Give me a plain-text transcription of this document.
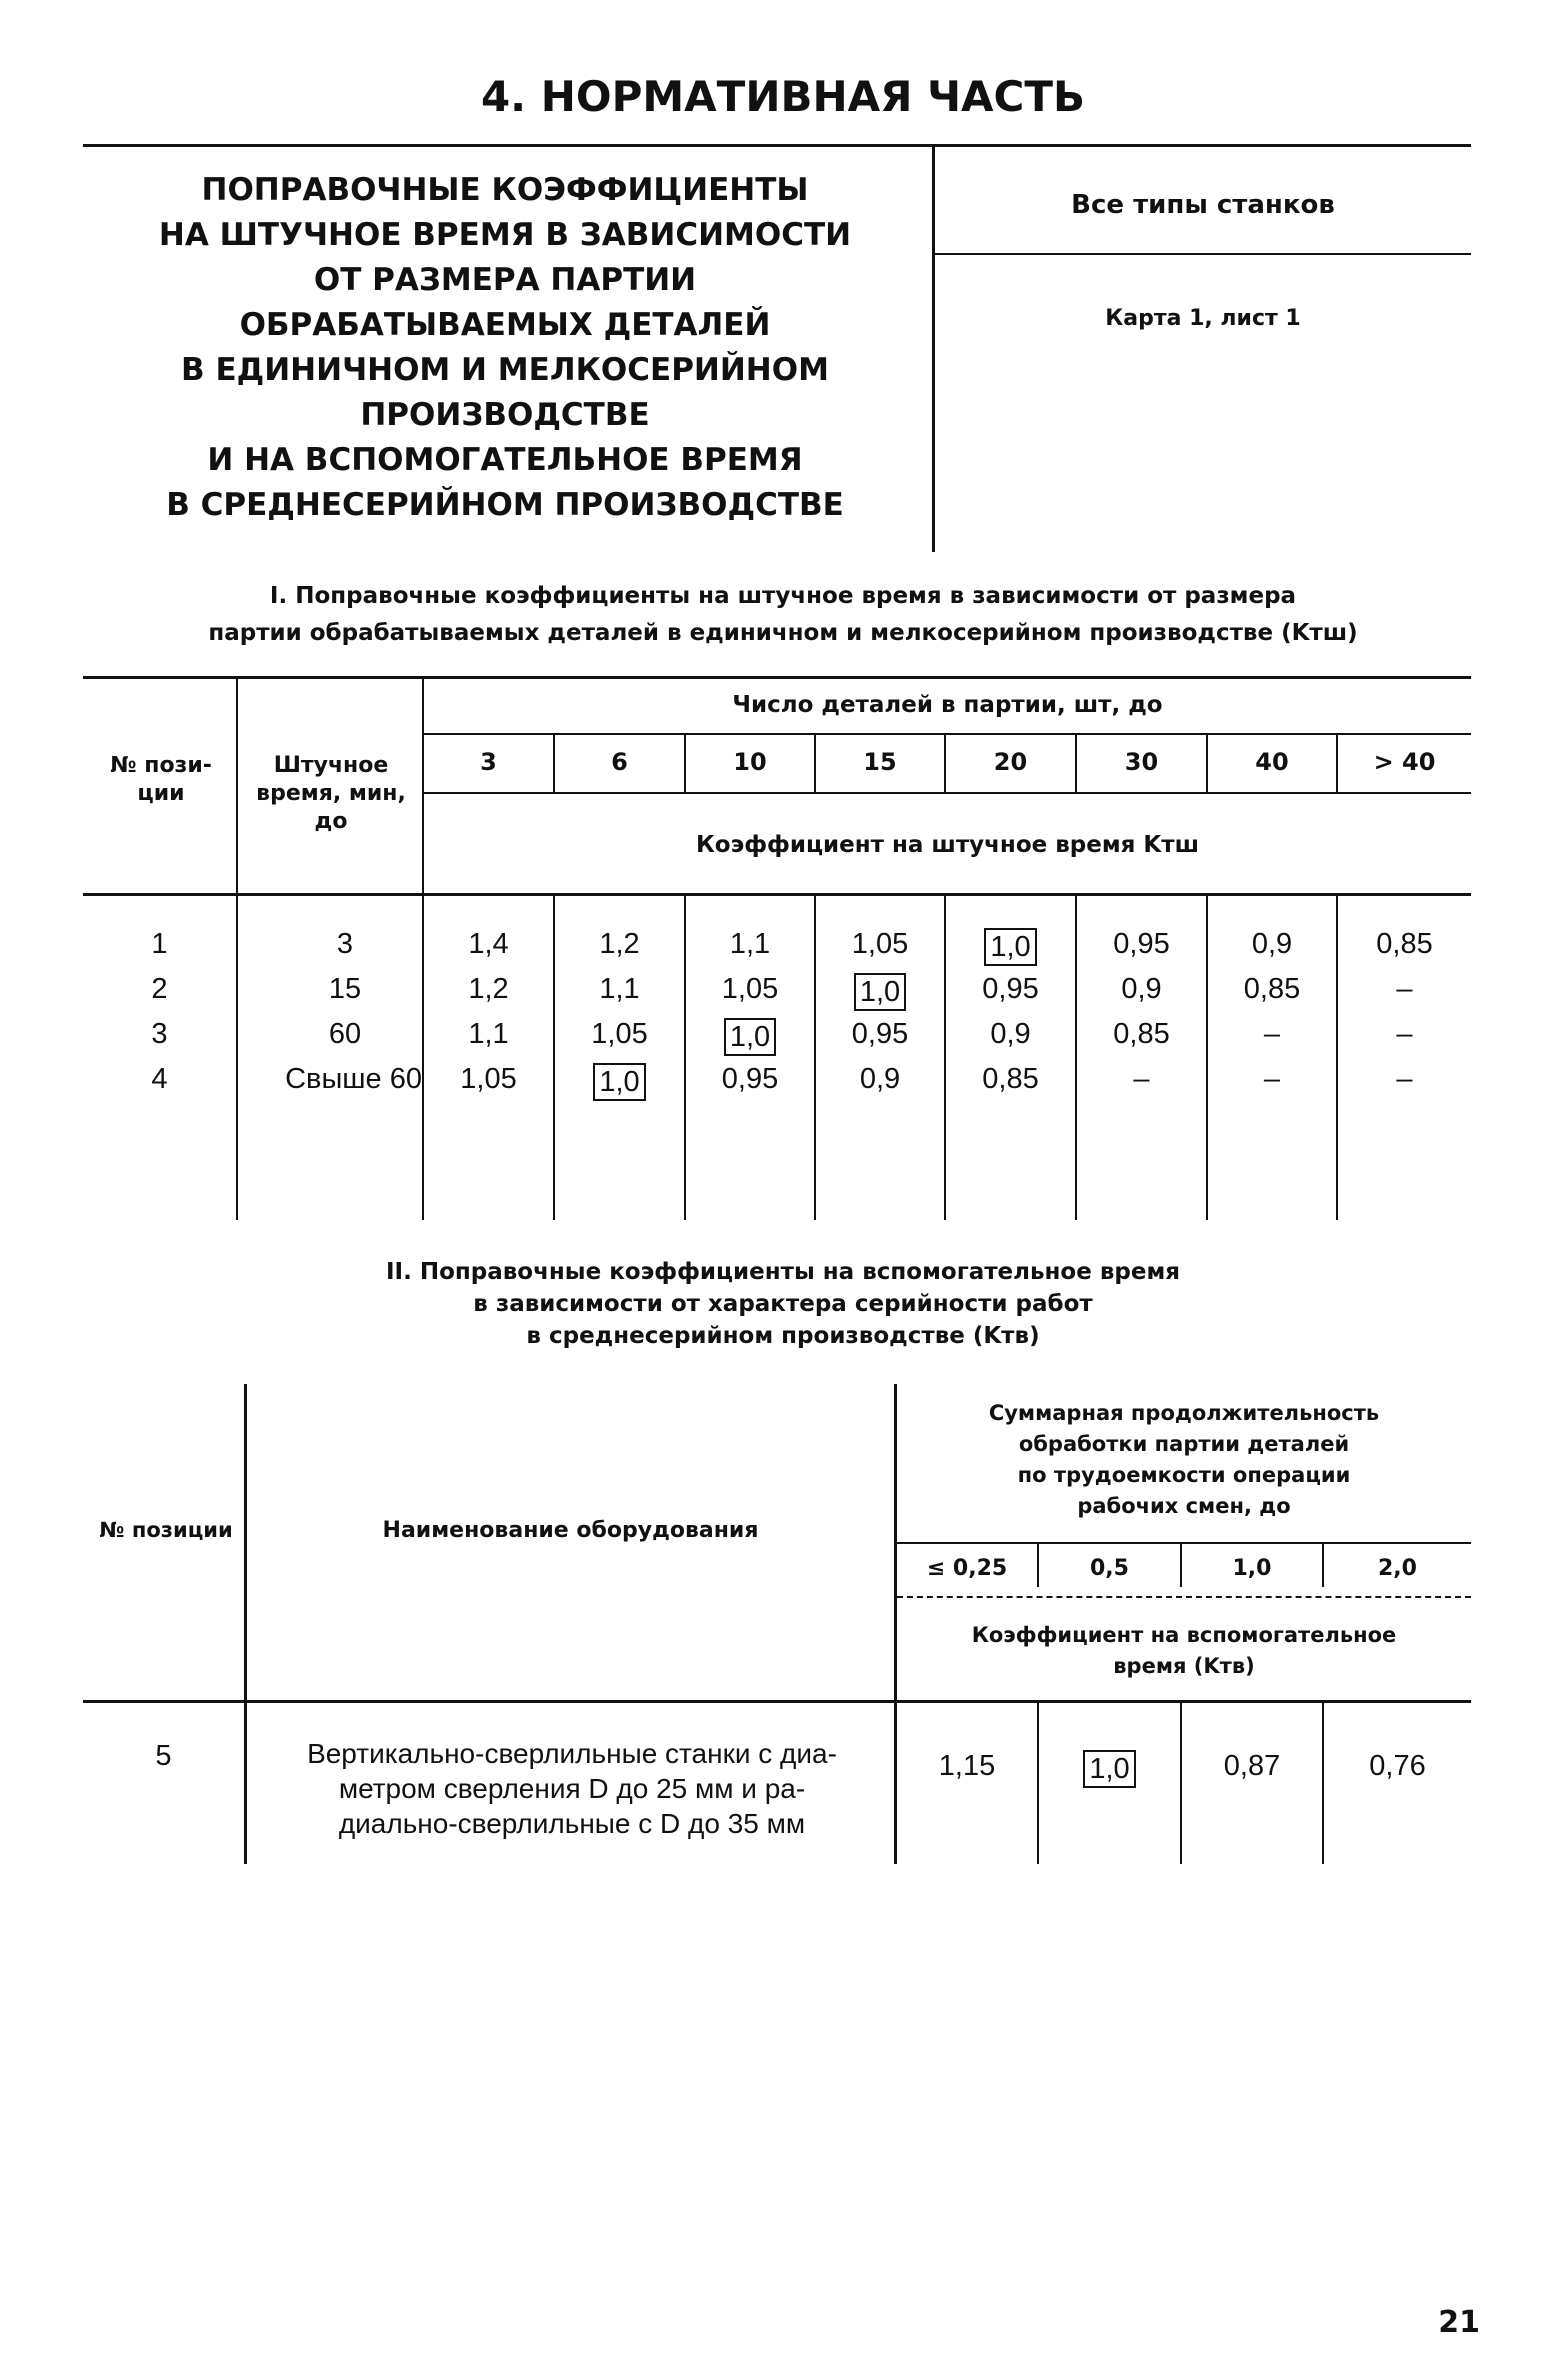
4. НОРМАТИВНАЯ ЧАСТЬ
ПОПРАВОЧНЫЕ КОЭФФИЦИЕНТЫ
НА ШТУЧНОЕ ВРЕМЯ В ЗАВИСИМОСТИ
ОТ РАЗМЕРА ПАРТИИ
ОБРАБАТЫВАЕМЫХ ДЕТАЛЕЙ
В ЕДИНИЧНОМ И МЕЛКОСЕРИЙНОМ
ПРОИЗВОДСТВЕ
И НА ВСПОМОГАТЕЛЬНОЕ ВРЕМЯ
В СРЕДНЕСЕРИЙНОМ ПРОИЗВОДСТВЕ
Все типы станков
Карта 1, лист 1
I. Поправочные коэффициенты на штучное время в зависимости от размера
партии обрабатываемых деталей в единичном и мелкосерийном производстве (Kтш)
№ пози-ции
Штучное время, мин, до
Число деталей в партии, шт, до
3	6	10	15	20	30	40	> 40
Коэффициент на штучное время Kтш
1	3	1,4	1,2	1,1	1,05	1,0	0,95	0,9	0,85
2	15	1,2	1,1	1,05	1,0	0,95	0,9	0,85	–
3	60	1,1	1,05	1,0	0,95	0,9	0,85	–	–
4	Свыше 60	1,05	1,0	0,95	0,9	0,85	–	–	–
II. Поправочные коэффициенты на вспомогательное время
в зависимости от характера серийности работ
в среднесерийном производстве (Kтв)
№ позиции	Наименование оборудования
Суммарная продолжительность
обработки партии деталей
по трудоемкости операции
рабочих смен, до
≤ 0,25	0,5	1,0	2,0
Коэффициент на вспомогательное
время (Kтв)
5	Вертикально-сверлильные станки с диа-
метром сверления D до 25 мм и ра-
диально-сверлильные с D до 35 мм
1,15	1,0	0,87	0,76
21
